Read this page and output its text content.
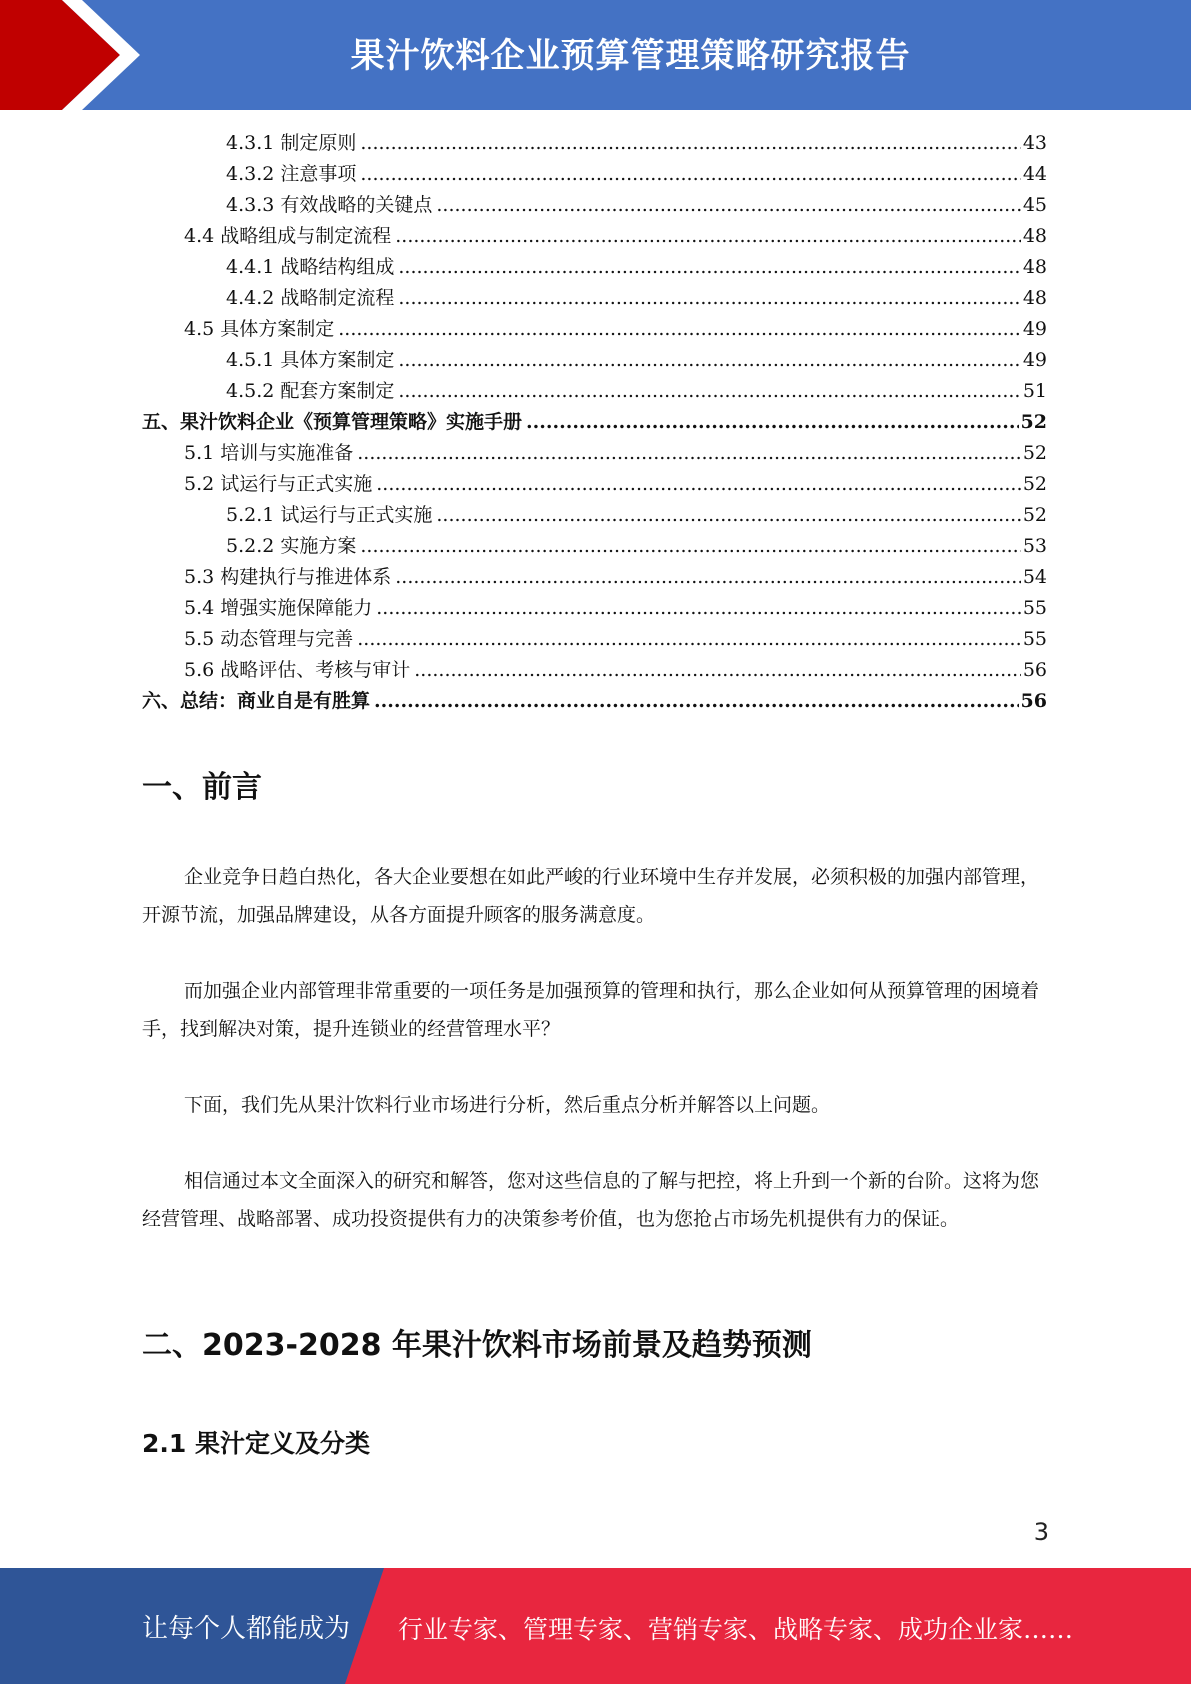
果汁饮料企业预算管理策略研究报告
4.3.1 制定原则 .....	43
4.3.2 注意事项 .....	44
4.3.3 有效战略的关键点 .....	45
4.4 战略组成与制定流程 .....	48
4.4.1 战略结构组成 .....	48
4.4.2 战略制定流程 .....	48
4.5 具体方案制定 .....	49
4.5.1 具体方案制定 .....	49
4.5.2 配套方案制定 .....	51
五、果汁饮料企业《预算管理策略》实施手册 .....	52
5.1 培训与实施准备 .....	52
5.2 试运行与正式实施 .....	52
5.2.1 试运行与正式实施 .....	52
5.2.2 实施方案 .....	53
5.3 构建执行与推进体系 .....	54
5.4 增强实施保障能力 .....	55
5.5 动态管理与完善 .....	55
5.6 战略评估、考核与审计 .....	56
六、总结：商业自是有胜算 .....	56
一、前言
企业竞争日趋白热化，各大企业要想在如此严峻的行业环境中生存并发展，必须积极的加强内部管理，开源节流，加强品牌建设，从各方面提升顾客的服务满意度。
而加强企业内部管理非常重要的一项任务是加强预算的管理和执行，那么企业如何从预算管理的困境着手，找到解决对策，提升连锁业的经营管理水平？
下面，我们先从果汁饮料行业市场进行分析，然后重点分析并解答以上问题。
相信通过本文全面深入的研究和解答，您对这些信息的了解与把控，将上升到一个新的台阶。这将为您经营管理、战略部署、成功投资提供有力的决策参考价值，也为您抢占市场先机提供有力的保证。
二、2023-2028 年果汁饮料市场前景及趋势预测
2.1 果汁定义及分类
3
让每个人都能成为 行业专家、管理专家、营销专家、战略专家、成功企业家……
